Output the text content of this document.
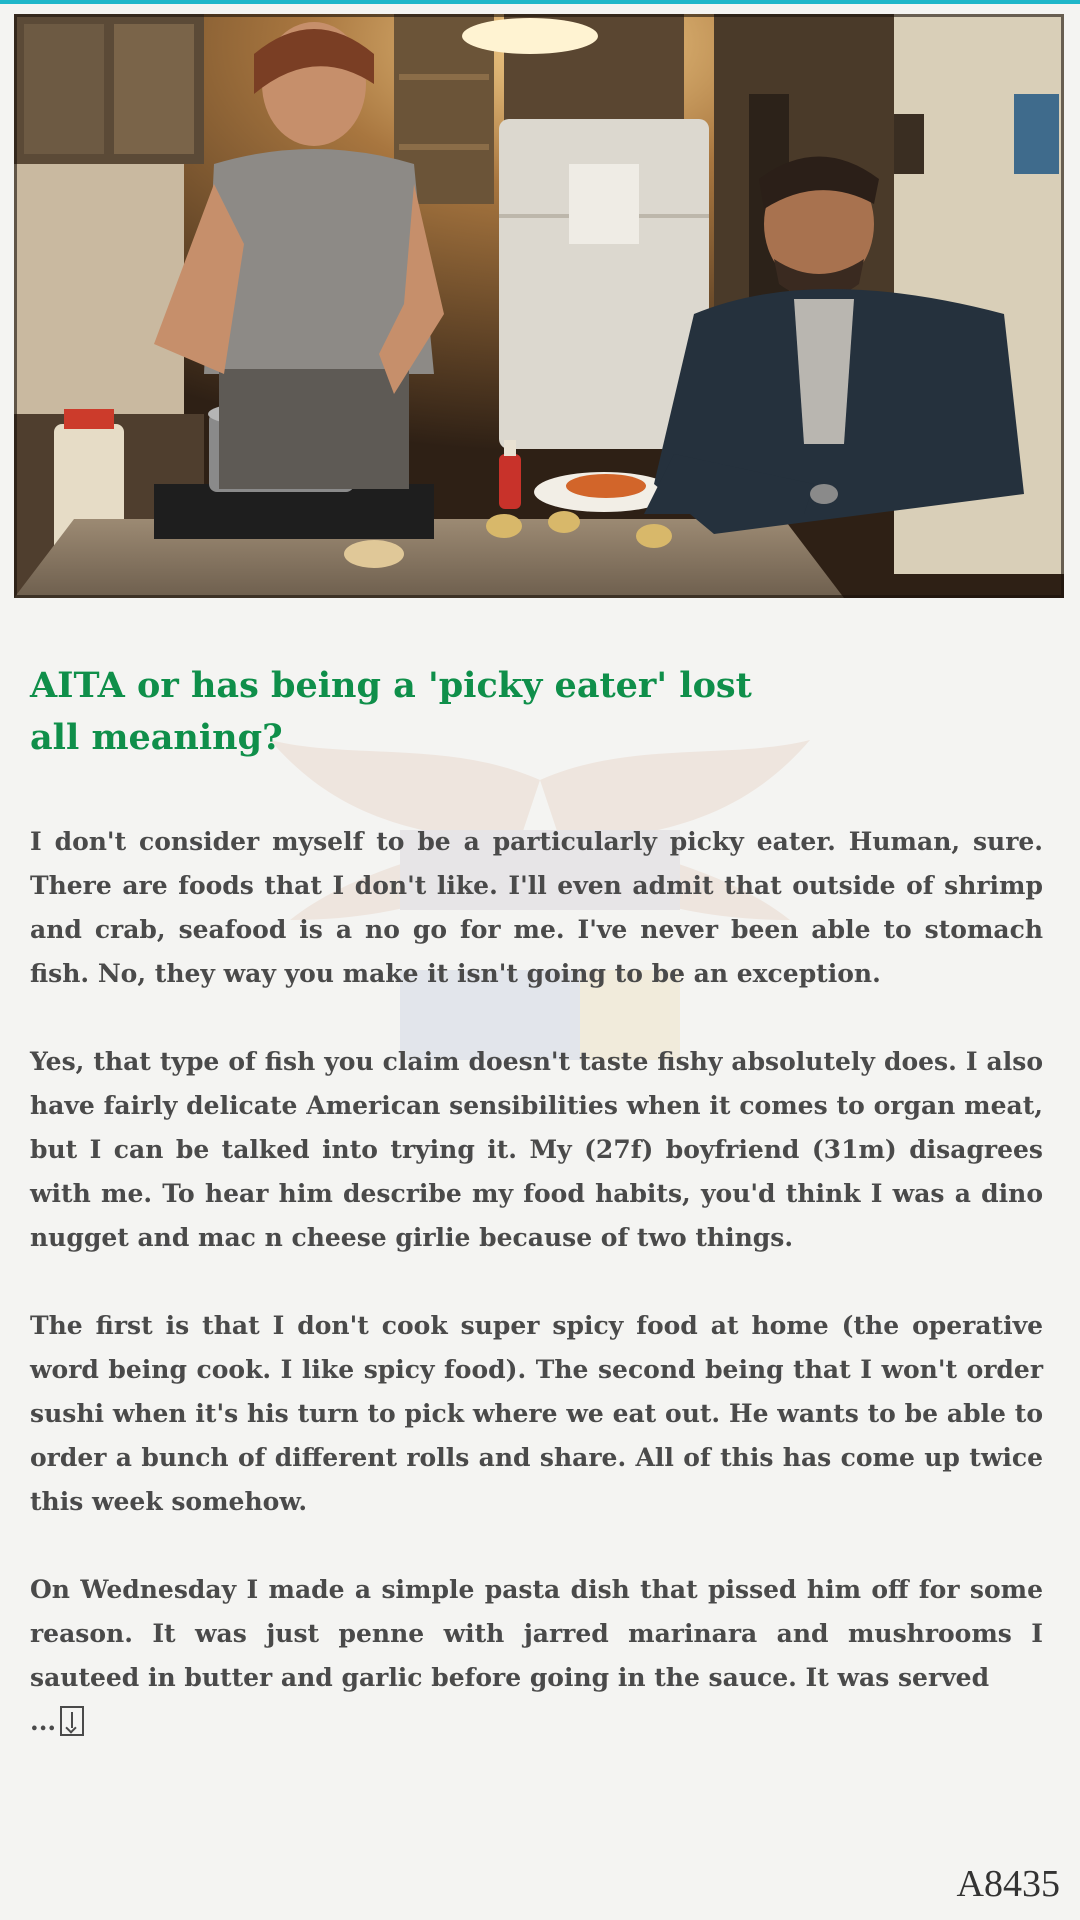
AITA or has being a 'picky eater' lost all meaning?

I don't consider myself to be a particularly picky eater. Human, sure. There are foods that I don't like. I'll even admit that outside of shrimp and crab, seafood is a no go for me. I've never been able to stomach fish. No, they way you make it isn't going to be an exception.

Yes, that type of fish you claim doesn't taste fishy absolutely does. I also have fairly delicate American sensibilities when it comes to organ meat, but I can be talked into trying it. My (27f) boyfriend (31m) disagrees with me. To hear him describe my food habits, you'd think I was a dino nugget and mac n cheese girlie because of two things.

The first is that I don't cook super spicy food at home (the operative word being cook. I like spicy food). The second being that I won't order sushi when it's his turn to pick where we eat out. He wants to be able to order a bunch of different rolls and share. All of this has come up twice this week somehow.

On Wednesday I made a simple pasta dish that pissed him off for some reason. It was just penne with jarred marinara and mushrooms I sauteed in butter and garlic before going in the sauce. It was served
...

A8435
